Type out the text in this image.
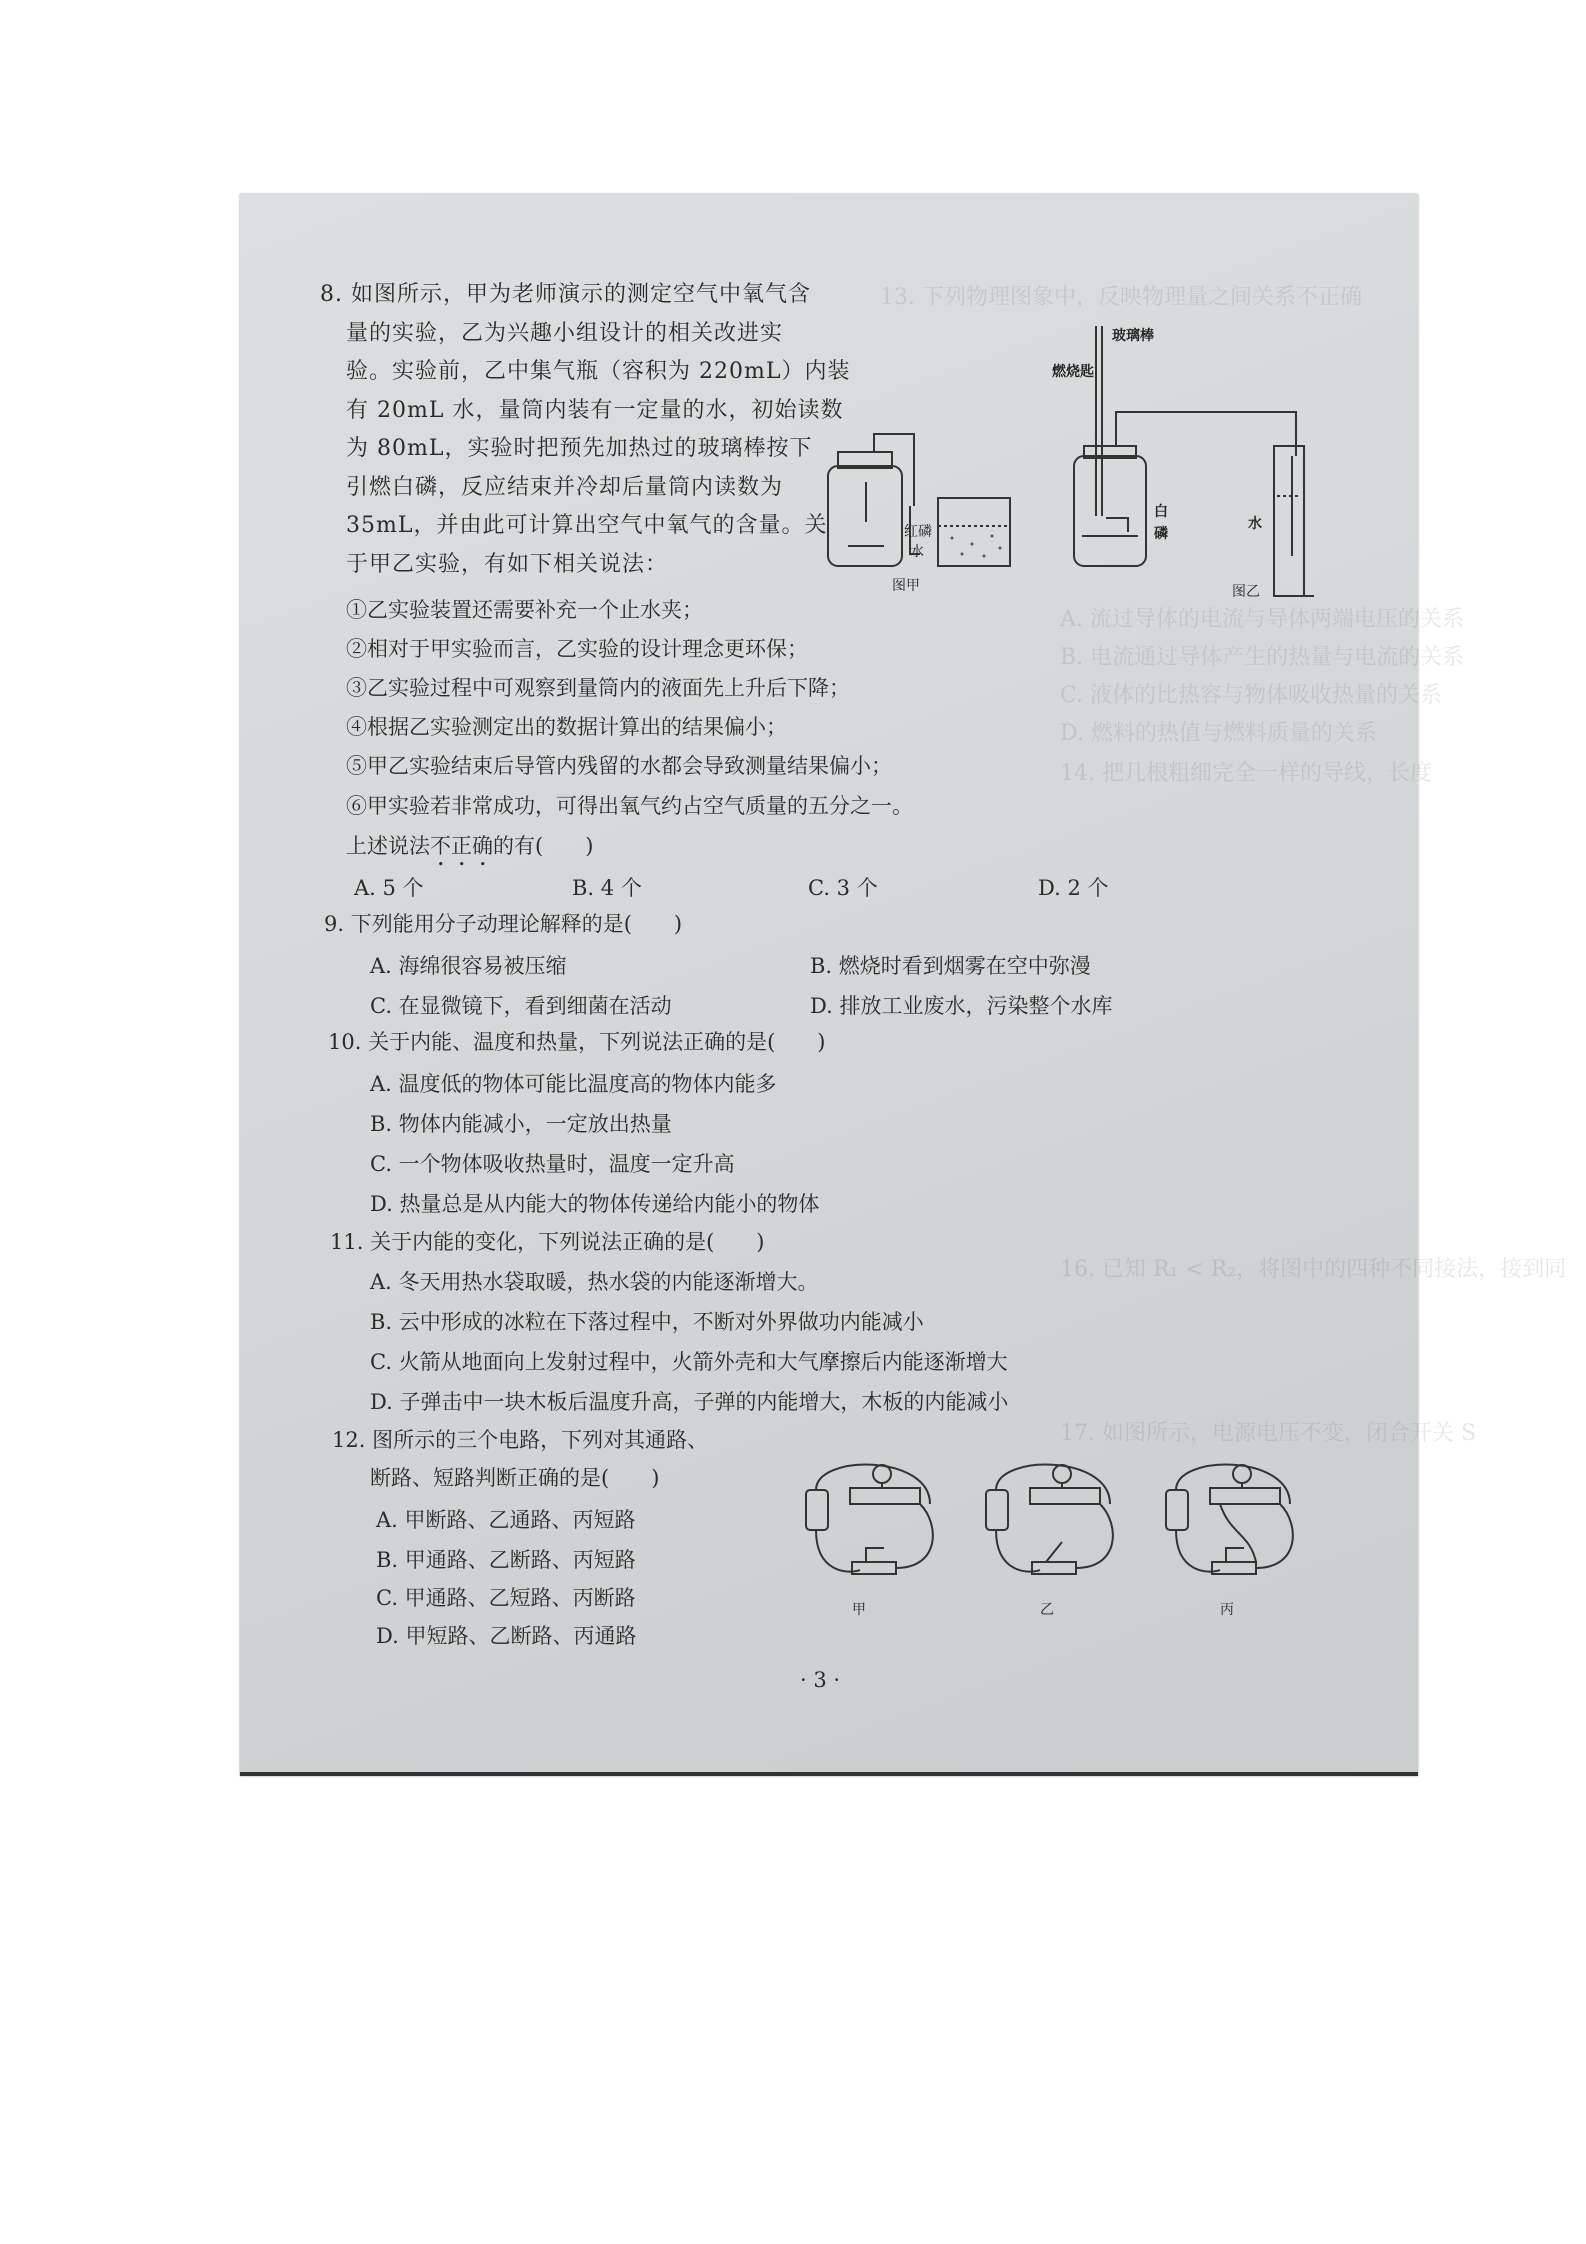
13. 下列物理图象中，反映物理量之间关系不正确
A. 流过导体的电流与导体两端电压的关系
B. 电流通过导体产生的热量与电流的关系
C. 液体的比热容与物体吸收热量的关系
D. 燃料的热值与燃料质量的关系
14. 把几根粗细完全一样的导线，长度
16. 已知 R₁ < R₂，将图中的四种不同接法，接到同
17. 如图所示，电源电压不变，闭合开关 S
8. 如图所示，甲为老师演示的测定空气中氧气含
量的实验，乙为兴趣小组设计的相关改进实
验。实验前，乙中集气瓶（容积为 220mL）内装
有 20mL 水，量筒内装有一定量的水，初始读数
为 80mL，实验时把预先加热过的玻璃棒按下
引燃白磷，反应结束并冷却后量筒内读数为
35mL，并由此可计算出空气中氧气的含量。关
于甲乙实验，有如下相关说法：
①乙实验装置还需要补充一个止水夹；
②相对于甲实验而言，乙实验的设计理念更环保；
③乙实验过程中可观察到量筒内的液面先上升后下降；
④根据乙实验测定出的数据计算出的结果偏小；
⑤甲乙实验结束后导管内残留的水都会导致测量结果偏小；
⑥甲实验若非常成功，可得出氧气约占空气质量的五分之一。
上述说法不正确的有(　　)
A. 5 个	B. 4 个	C. 3 个	D. 2 个
红磷
水
图甲
玻璃棒
燃烧匙
白
磷
水
图乙
9. 下列能用分子动理论解释的是(　　)
A. 海绵很容易被压缩	B. 燃烧时看到烟雾在空中弥漫
C. 在显微镜下，看到细菌在活动	D. 排放工业废水，污染整个水库
10. 关于内能、温度和热量，下列说法正确的是(　　)
A. 温度低的物体可能比温度高的物体内能多
B. 物体内能减小，一定放出热量
C. 一个物体吸收热量时，温度一定升高
D. 热量总是从内能大的物体传递给内能小的物体
11. 关于内能的变化，下列说法正确的是(　　)
A. 冬天用热水袋取暖，热水袋的内能逐渐增大。
B. 云中形成的冰粒在下落过程中，不断对外界做功内能减小
C. 火箭从地面向上发射过程中，火箭外壳和大气摩擦后内能逐渐增大
D. 子弹击中一块木板后温度升高，子弹的内能增大，木板的内能减小
12. 图所示的三个电路，下列对其通路、
断路、短路判断正确的是(　　)
A. 甲断路、乙通路、丙短路
B. 甲通路、乙断路、丙短路
C. 甲通路、乙短路、丙断路
D. 甲短路、乙断路、丙通路
甲	乙	丙
· 3 ·
